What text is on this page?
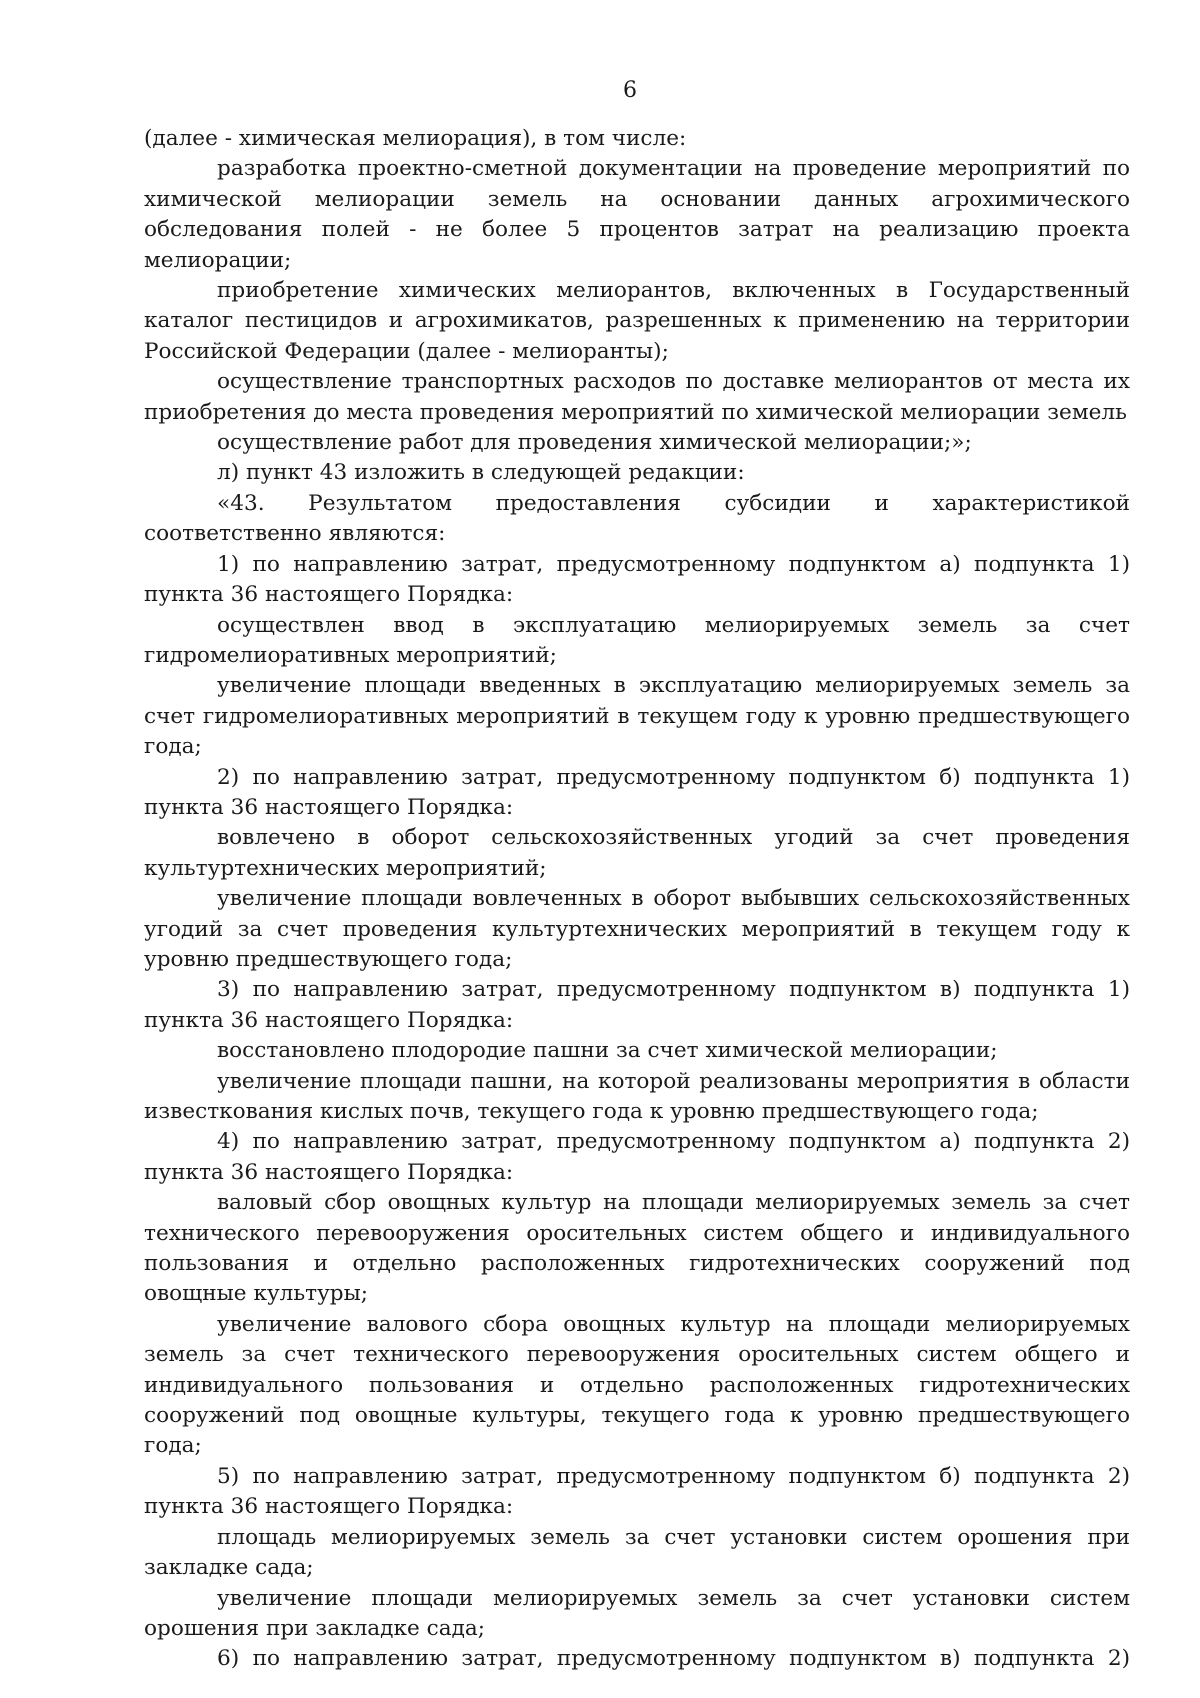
6

(далее - химическая мелиорация), в том числе:

разработка проектно-сметной документации на проведение мероприятий по химической мелиорации земель на основании данных агрохимического обследования полей - не более 5 процентов затрат на реализацию проекта мелиорации;

приобретение химических мелиорантов, включенных в Государственный каталог пестицидов и агрохимикатов, разрешенных к применению на территории Российской Федерации (далее - мелиоранты);

осуществление транспортных расходов по доставке мелиорантов от места их приобретения до места проведения мероприятий по химической мелиорации земель

осуществление работ для проведения химической мелиорации;»;

л) пункт 43 изложить в следующей редакции:

«43. Результатом предоставления субсидии и характеристикой соответственно являются:

1) по направлению затрат, предусмотренному подпунктом а) подпункта 1) пункта 36 настоящего Порядка:

осуществлен ввод в эксплуатацию мелиорируемых земель за счет гидромелиоративных мероприятий;

увеличение площади введенных в эксплуатацию мелиорируемых земель за счет гидромелиоративных мероприятий в текущем году к уровню предшествующего года;

2) по направлению затрат, предусмотренному подпунктом б) подпункта 1) пункта 36 настоящего Порядка:

вовлечено в оборот сельскохозяйственных угодий за счет проведения культуртехнических мероприятий;

увеличение площади вовлеченных в оборот выбывших сельскохозяйственных угодий за счет проведения культуртехнических мероприятий в текущем году к уровню предшествующего года;

3) по направлению затрат, предусмотренному подпунктом в) подпункта 1) пункта 36 настоящего Порядка:

восстановлено плодородие пашни за счет химической мелиорации;

увеличение площади пашни, на которой реализованы мероприятия в области известкования кислых почв, текущего года к уровню предшествующего года;

4) по направлению затрат, предусмотренному подпунктом а) подпункта 2) пункта 36 настоящего Порядка:

валовый сбор овощных культур на площади мелиорируемых земель за счет технического перевооружения оросительных систем общего и индивидуального пользования и отдельно расположенных гидротехнических сооружений под овощные культуры;

увеличение валового сбора овощных культур на площади мелиорируемых земель за счет технического перевооружения оросительных систем общего и индивидуального пользования и отдельно расположенных гидротехнических сооружений под овощные культуры, текущего года к уровню предшествующего года;

5) по направлению затрат, предусмотренному подпунктом б) подпункта 2) пункта 36 настоящего Порядка:

площадь мелиорируемых земель за счет установки систем орошения при закладке сада;

увеличение площади мелиорируемых земель за счет установки систем орошения при закладке сада;

6) по направлению затрат, предусмотренному подпунктом в) подпункта 2)
